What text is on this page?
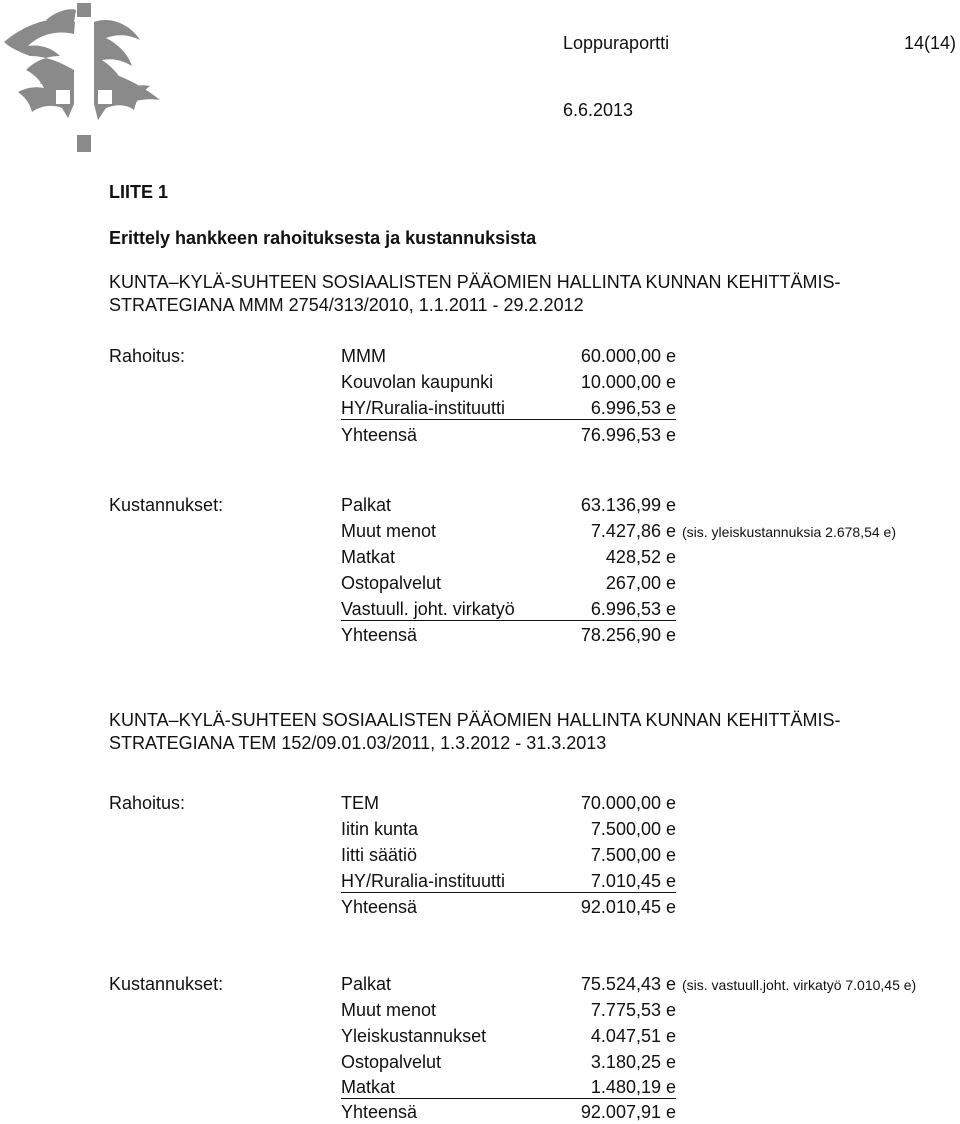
Loppuraportti	14(14)
6.6.2013
LIITE 1
Erittely hankkeen rahoituksesta ja kustannuksista
KUNTA–KYLÄ-SUHTEEN SOSIAALISTEN PÄÄOMIEN HALLINTA KUNNAN KEHITTÄMIS-STRATEGIANA MMM 2754/313/2010, 1.1.2011 - 29.2.2012
Rahoitus:	MMM	60.000,00 e
Kouvolan kaupunki	10.000,00 e
HY/Ruralia-instituutti	6.996,53 e
Yhteensä	76.996,53 e
Kustannukset:	Palkat	63.136,99 e
Muut menot	7.427,86 e (sis. yleiskustannuksia 2.678,54 e)
Matkat	428,52 e
Ostopalvelut	267,00 e
Vastuull. joht. virkatyö	6.996,53 e
Yhteensä	78.256,90 e
KUNTA–KYLÄ-SUHTEEN SOSIAALISTEN PÄÄOMIEN HALLINTA KUNNAN KEHITTÄMIS-STRATEGIANA TEM 152/09.01.03/2011, 1.3.2012 - 31.3.2013
Rahoitus:	TEM	70.000,00 e
Iitin kunta	7.500,00 e
Iitti säätiö	7.500,00 e
HY/Ruralia-instituutti	7.010,45 e
Yhteensä	92.010,45 e
Kustannukset:	Palkat	75.524,43 e (sis. vastuull.joht. virkatyö 7.010,45 e)
Muut menot	7.775,53 e
Yleiskustannukset	4.047,51 e
Ostopalvelut	3.180,25 e
Matkat	1.480,19 e
Yhteensä	92.007,91 e
